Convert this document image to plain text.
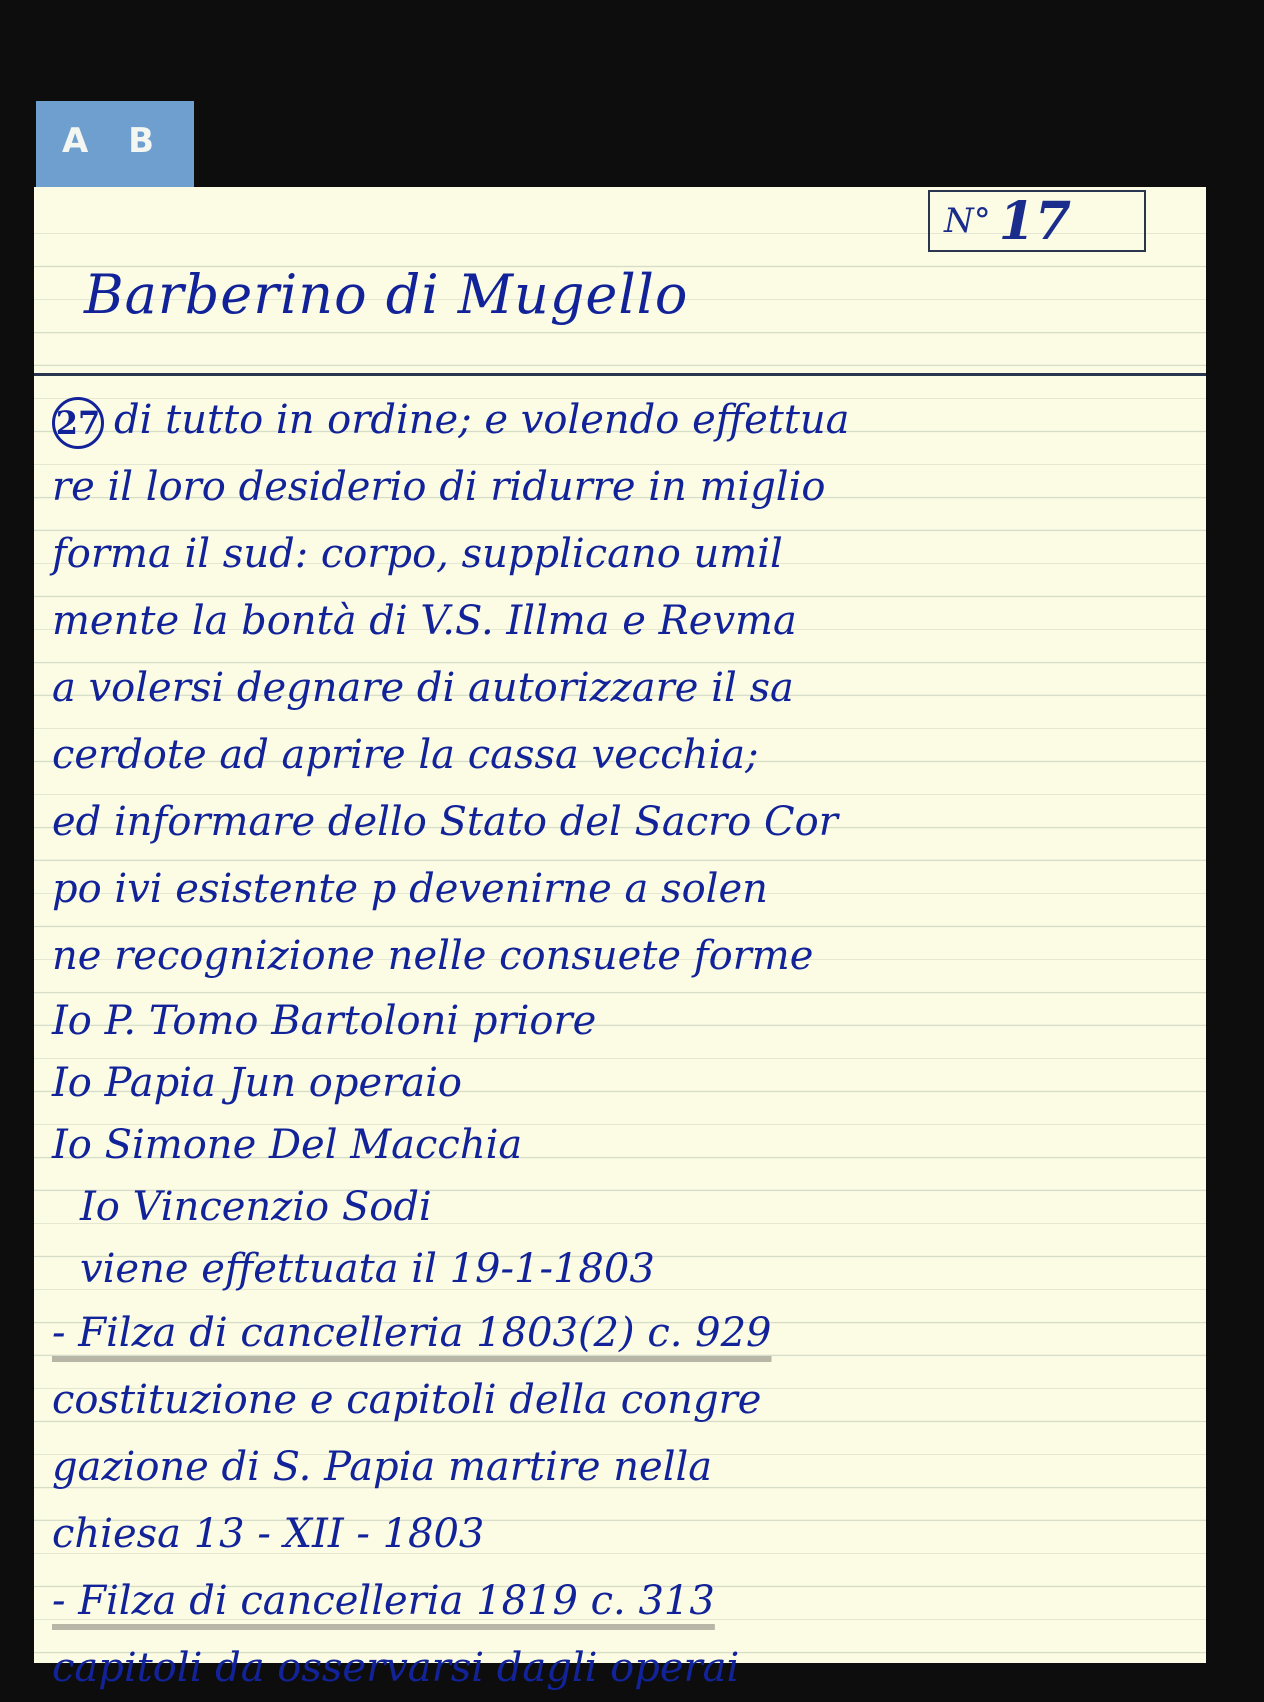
A B
N° 17
Barberino di Mugello
27 di tutto in ordine; e volendo effettua
re il loro desiderio di ridurre in miglio
forma il sud: corpo, supplicano umil
mente la bontà di V.S. Illma e Revma
a volersi degnare di autorizzare il sa
cerdote ad aprire la cassa vecchia;
ed informare dello Stato del Sacro Cor
po ivi esistente p devenirne a solen
ne recognizione nelle consuete forme
Io P. Tomo Bartoloni priore
Io Papia Jun operaio
Io Simone Del Macchia
Io Vincenzio Sodi
viene effettuata il 19-1-1803
- Filza di cancelleria 1803(2) c. 929
costituzione e capitoli della congre
gazione di S. Papia martire nella
chiesa 13 - XII - 1803
- Filza di cancelleria 1819 c. 313
capitoli da osservarsi dagli operai
